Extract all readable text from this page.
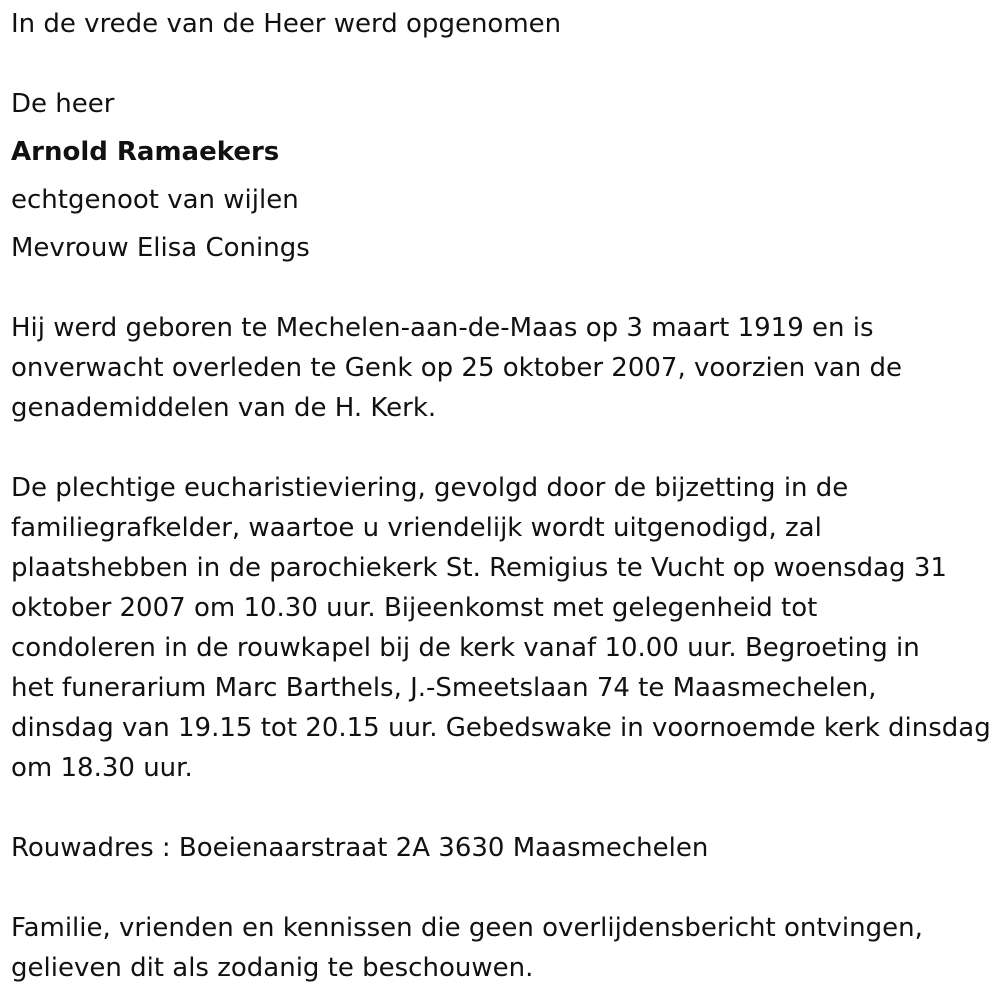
In de vrede van de Heer werd opgenomen

De heer

Arnold Ramaekers

echtgenoot van wijlen

Mevrouw Elisa Conings

Hij werd geboren te Mechelen-aan-de-Maas op 3 maart 1919 en is
onverwacht overleden te Genk op 25 oktober 2007, voorzien van de
genademiddelen van de H. Kerk.
De plechtige eucharistieviering, gevolgd door de bijzetting in de
familiegrafkelder, waartoe u vriendelijk wordt uitgenodigd, zal
plaatshebben in de parochiekerk St. Remigius te Vucht op woensdag 31
oktober 2007 om 10.30 uur. Bijeenkomst met gelegenheid tot
condoleren in de rouwkapel bij de kerk vanaf 10.00 uur. Begroeting in
het funerarium Marc Barthels, J.-Smeetslaan 74 te Maasmechelen,
dinsdag van 19.15 tot 20.15 uur. Gebedswake in voornoemde kerk dinsdag
om 18.30 uur.

Rouwadres : Boeienaarstraat 2A 3630 Maasmechelen

Familie, vrienden en kennissen die geen overlijdensbericht ontvingen,
gelieven dit als zodanig te beschouwen.
